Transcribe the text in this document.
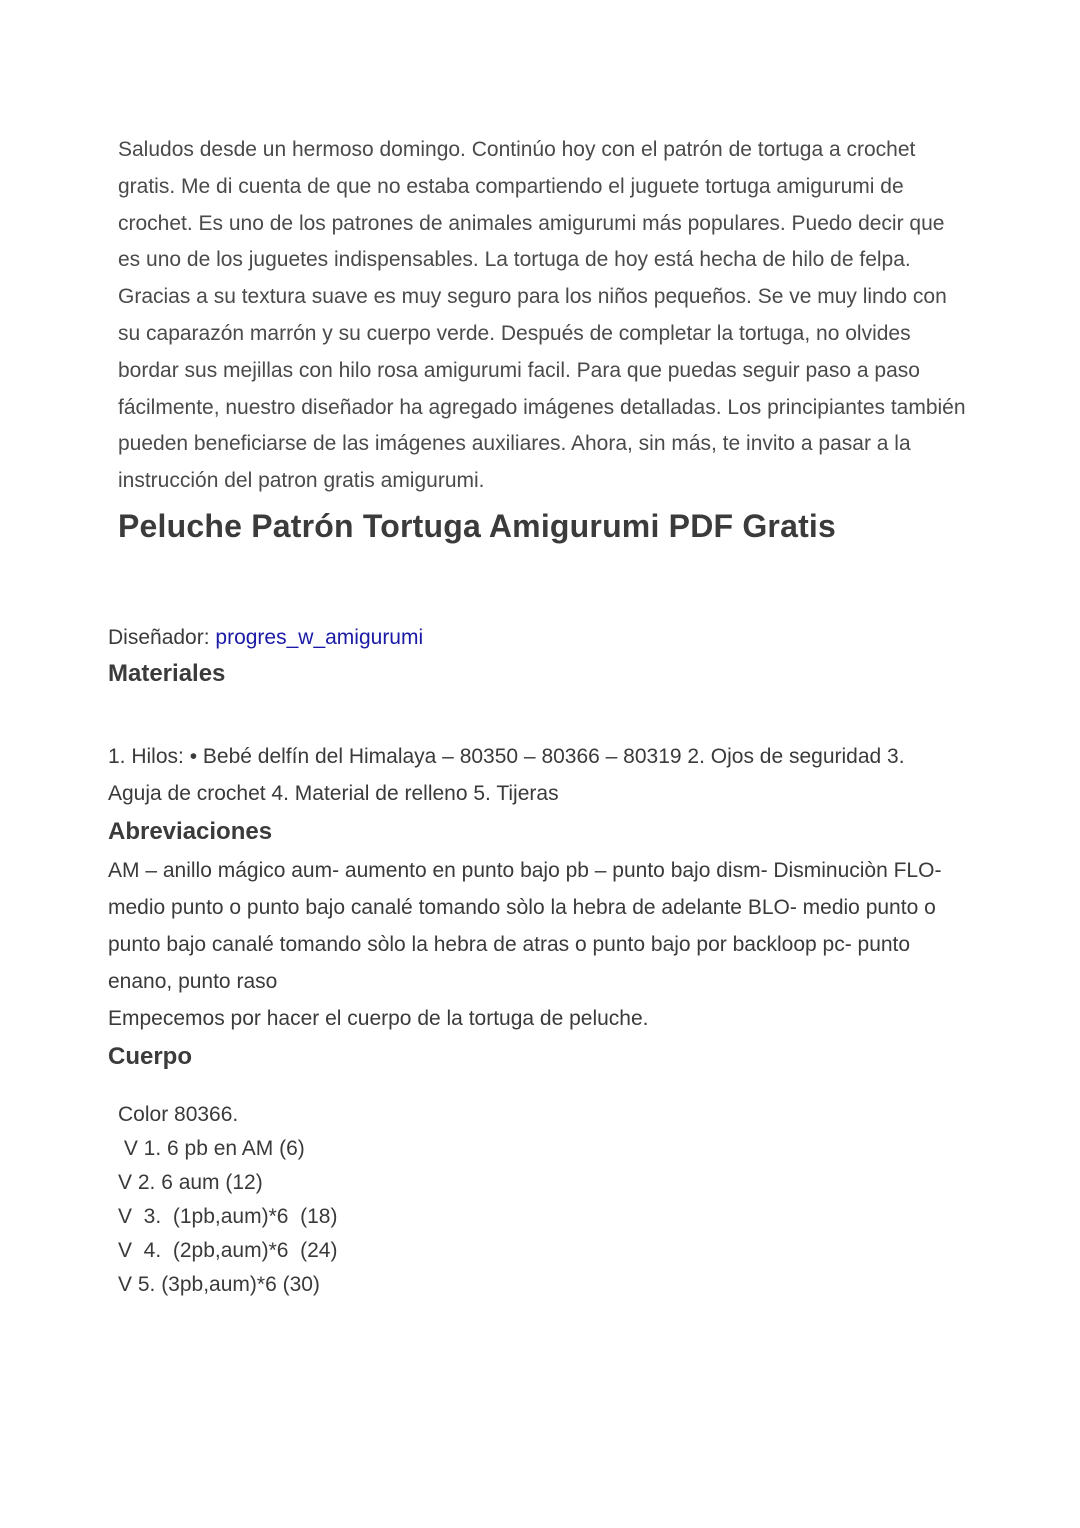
Saludos desde un hermoso domingo. Continúo hoy con el patrón de tortuga a crochet gratis. Me di cuenta de que no estaba compartiendo el juguete tortuga amigurumi de crochet. Es uno de los patrones de animales amigurumi más populares. Puedo decir que es uno de los juguetes indispensables. La tortuga de hoy está hecha de hilo de felpa. Gracias a su textura suave es muy seguro para los niños pequeños. Se ve muy lindo con su caparazón marrón y su cuerpo verde. Después de completar la tortuga, no olvides bordar sus mejillas con hilo rosa amigurumi facil. Para que puedas seguir paso a paso fácilmente, nuestro diseñador ha agregado imágenes detalladas. Los principiantes también pueden beneficiarse de las imágenes auxiliares. Ahora, sin más, te invito a pasar a la instrucción del patron gratis amigurumi.

Peluche Patrón Tortuga Amigurumi PDF Gratis

Diseñador: progres_w_amigurumi

Materiales

1. Hilos: • Bebé delfín del Himalaya – 80350 – 80366 – 80319 2. Ojos de seguridad 3. Aguja de crochet 4. Material de relleno 5. Tijeras

Abreviaciones

AM – anillo mágico aum- aumento en punto bajo pb – punto bajo dism- Disminuciòn FLO- medio punto o punto bajo canalé tomando sòlo la hebra de adelante BLO- medio punto o punto bajo canalé tomando sòlo la hebra de atras o punto bajo por backloop pc- punto enano, punto raso

Empecemos por hacer el cuerpo de la tortuga de peluche.

Cuerpo
Color 80366.
V 1. 6 pb en AM (6)
V 2. 6 aum (12)
V  3.  (1pb,aum)*6  (18)
V  4.  (2pb,aum)*6  (24)
V 5. (3pb,aum)*6 (30)
